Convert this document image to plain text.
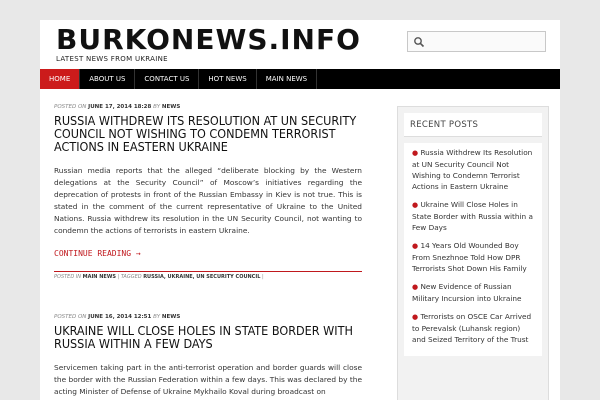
BURKONEWS.INFO
LATEST NEWS FROM UKRAINE
HOME	ABOUT US	CONTACT US	HOT NEWS	MAIN NEWS
POSTED ON JUNE 17, 2014 18:28 BY NEWS
RUSSIA WITHDREW ITS RESOLUTION AT UN SECURITY COUNCIL NOT WISHING TO CONDEMN TERRORIST ACTIONS IN EASTERN UKRAINE
Russian media reports that the alleged “deliberate blocking by the Western delegations at the Security Council” of Moscow’s initiatives regarding the deprecation of protests in front of the Russian Embassy in Kiev is not true. This is stated in the comment of the current representative of Ukraine to the United Nations. Russia withdrew its resolution in the UN Security Council, not wanting to condemn the actions of terrorists in eastern Ukraine.
CONTINUE READING →
POSTED IN MAIN NEWS | TAGGED RUSSIA, UKRAINE, UN SECURITY COUNCIL |
POSTED ON JUNE 16, 2014 12:51 BY NEWS
UKRAINE WILL CLOSE HOLES IN STATE BORDER WITH RUSSIA WITHIN A FEW DAYS
Servicemen taking part in the anti-terrorist operation and border guards will close the border with the Russian Federation within a few days. This was declared by the acting Minister of Defense of Ukraine Mykhailo Koval during broadcast on
RECENT POSTS
● Russia Withdrew Its Resolution at UN Security Council Not Wishing to Condemn Terrorist Actions in Eastern Ukraine
● Ukraine Will Close Holes in State Border with Russia within a Few Days
● 14 Years Old Wounded Boy From Snezhnoe Told How DPR Terrorists Shot Down His Family
● New Evidence of Russian Military Incursion into Ukraine
● Terrorists on OSCE Car Arrived to Perevalsk (Luhansk region) and Seized Territory of the Trust
